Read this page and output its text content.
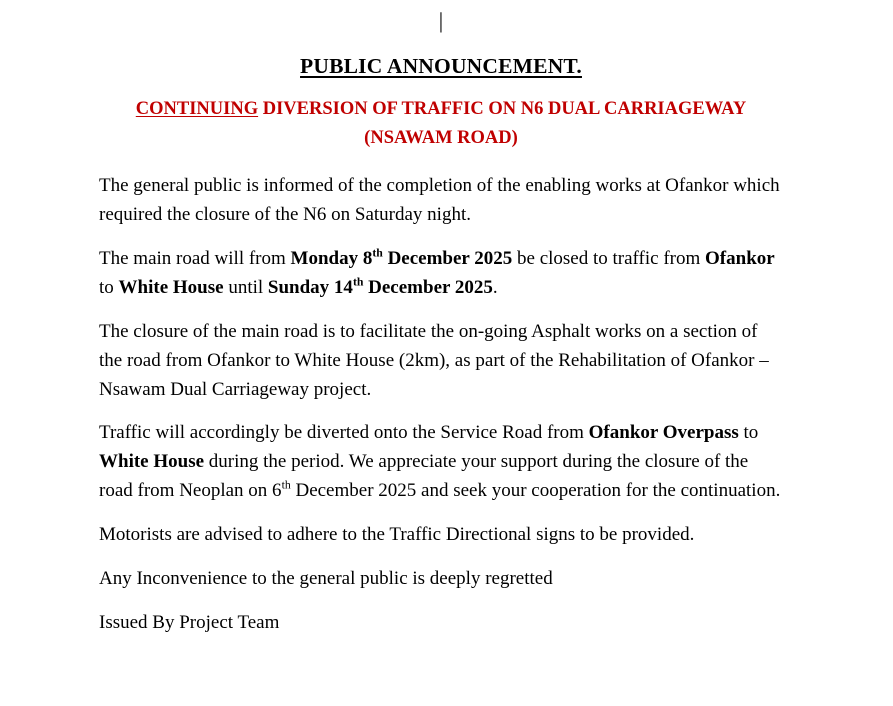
|
PUBLIC ANNOUNCEMENT.
CONTINUING DIVERSION OF TRAFFIC ON N6 DUAL CARRIAGEWAY (NSAWAM ROAD)

The general public is informed of the completion of the enabling works at Ofankor which required the closure of the N6 on Saturday night.

The main road will from Monday 8th December 2025 be closed to traffic from Ofankor to White House until Sunday 14th December 2025.

The closure of the main road is to facilitate the on-going Asphalt works on a section of the road from Ofankor to White House (2km), as part of the Rehabilitation of Ofankor – Nsawam Dual Carriageway project.

Traffic will accordingly be diverted onto the Service Road from Ofankor Overpass to White House during the period. We appreciate your support during the closure of the road from Neoplan on 6th December 2025 and seek your cooperation for the continuation.

Motorists are advised to adhere to the Traffic Directional signs to be provided.

Any Inconvenience to the general public is deeply regretted

Issued By Project Team
